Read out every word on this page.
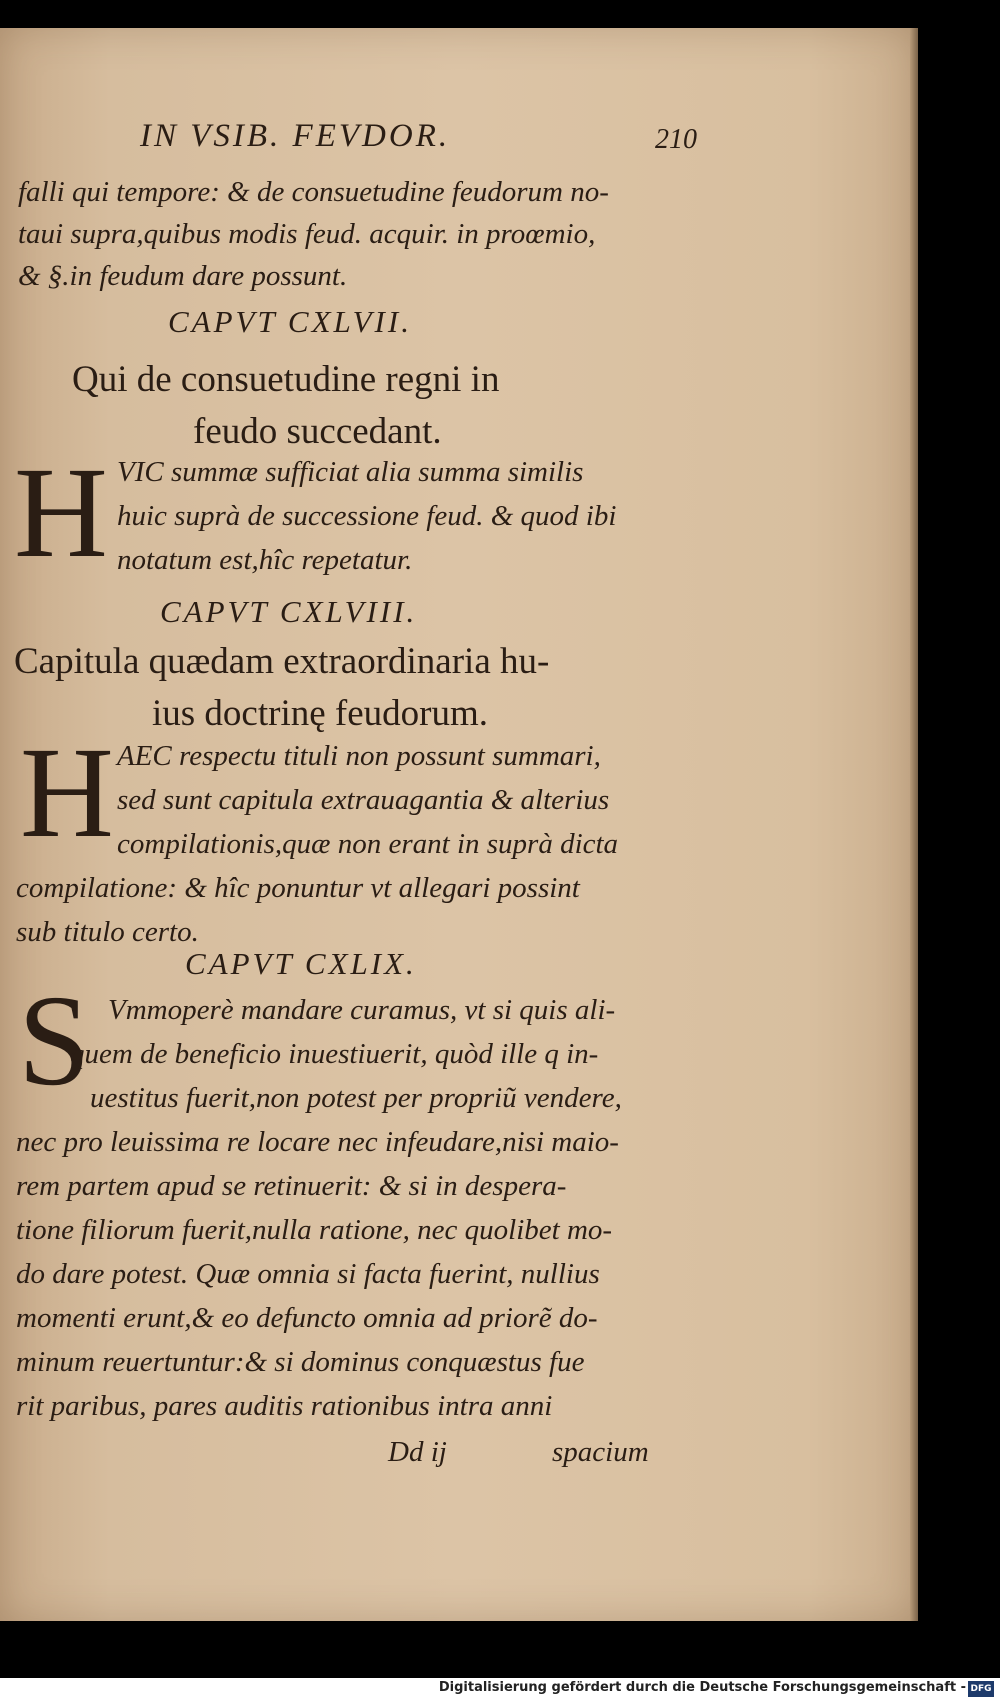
IN VSIB. FEVDOR.	210
falli qui tempore: & de consuetudine feudorum no-
taui supra,quibus modis feud. acquir. in proœmio,
& §.in feudum dare possunt.
CAPVT CXLVII.
Qui de consuetudine regni in
feudo succedant.
H VIC summæ sufficiat alia summa similis
huic suprà de successione feud. & quod ibi
notatum est,hîc repetatur.
CAPVT CXLVIII.
Capitula quædam extraordinaria hu-
ius doctrinę feudorum.
H AEC respectu tituli non possunt summari,
sed sunt capitula extrauagantia & alterius
compilationis,quæ non erant in suprà dicta
compilatione: & hîc ponuntur vt allegari possint
sub titulo certo.
CAPVT CXLIX.
S Vmmoperè mandare curamus, vt si quis ali-
quem de beneficio inuestiuerit, quòd ille q in-
uestitus fuerit,non potest per propriũ vendere,
nec pro leuissima re locare nec infeudare,nisi maio-
rem partem apud se retinuerit: & si in despera-
tione filiorum fuerit,nulla ratione, nec quolibet mo-
do dare potest. Quæ omnia si facta fuerint, nullius
momenti erunt,& eo defuncto omnia ad priorẽ do-
minum reuertuntur:& si dominus conquæstus fue
rit paribus, pares auditis rationibus intra anni
Dd ij	spacium
Digitalisierung gefördert durch die Deutsche Forschungsgemeinschaft - DFG
